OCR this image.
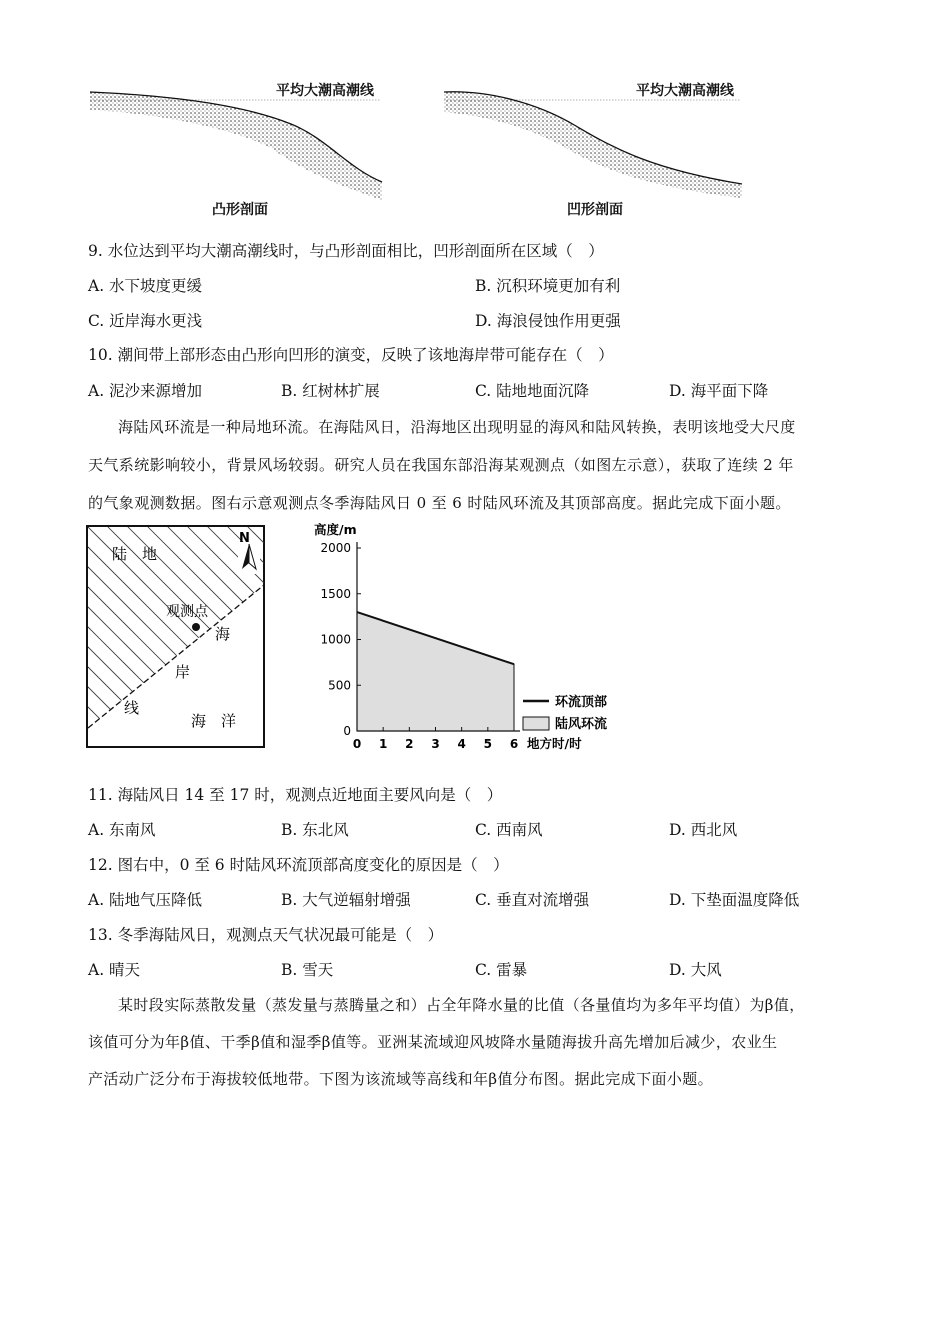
平均大潮高潮线	平均大潮高潮线
凸形剖面	凹形剖面
9. 水位达到平均大潮高潮线时，与凸形剖面相比，凹形剖面所在区域（　）
A. 水下坡度更缓	B. 沉积环境更加有利
C. 近岸海水更浅	D. 海浪侵蚀作用更强
10. 潮间带上部形态由凸形向凹形的演变，反映了该地海岸带可能存在（　）
A. 泥沙来源增加	B. 红树林扩展	C. 陆地地面沉降	D. 海平面下降
海陆风环流是一种局地环流。在海陆风日，沿海地区出现明显的海风和陆风转换，表明该地受大尺度
天气系统影响较小，背景风场较弱。研究人员在我国东部沿海某观测点（如图左示意），获取了连续 2 年
的气象观测数据。图右示意观测点冬季海陆风日 0 至 6 时陆风环流及其顶部高度。据此完成下面小题。
陆　地
N
观测点
海
岸
线
海　洋
0
500
1000
1500
2000
0 1 2 3 4 5 6
高度/m
地方时/时
环流顶部
陆风环流
11. 海陆风日 14 至 17 时，观测点近地面主要风向是（　）
A. 东南风	B. 东北风	C. 西南风	D. 西北风
12. 图右中，0 至 6 时陆风环流顶部高度变化的原因是（　）
A. 陆地气压降低	B. 大气逆辐射增强	C. 垂直对流增强	D. 下垫面温度降低
13. 冬季海陆风日，观测点天气状况最可能是（　）
A. 晴天	B. 雪天	C. 雷暴	D. 大风
某时段实际蒸散发量（蒸发量与蒸腾量之和）占全年降水量的比值（各量值均为多年平均值）为β值，
该值可分为年β值、干季β值和湿季β值等。亚洲某流域迎风坡降水量随海拔升高先增加后减少，农业生
产活动广泛分布于海拔较低地带。下图为该流域等高线和年β值分布图。据此完成下面小题。
